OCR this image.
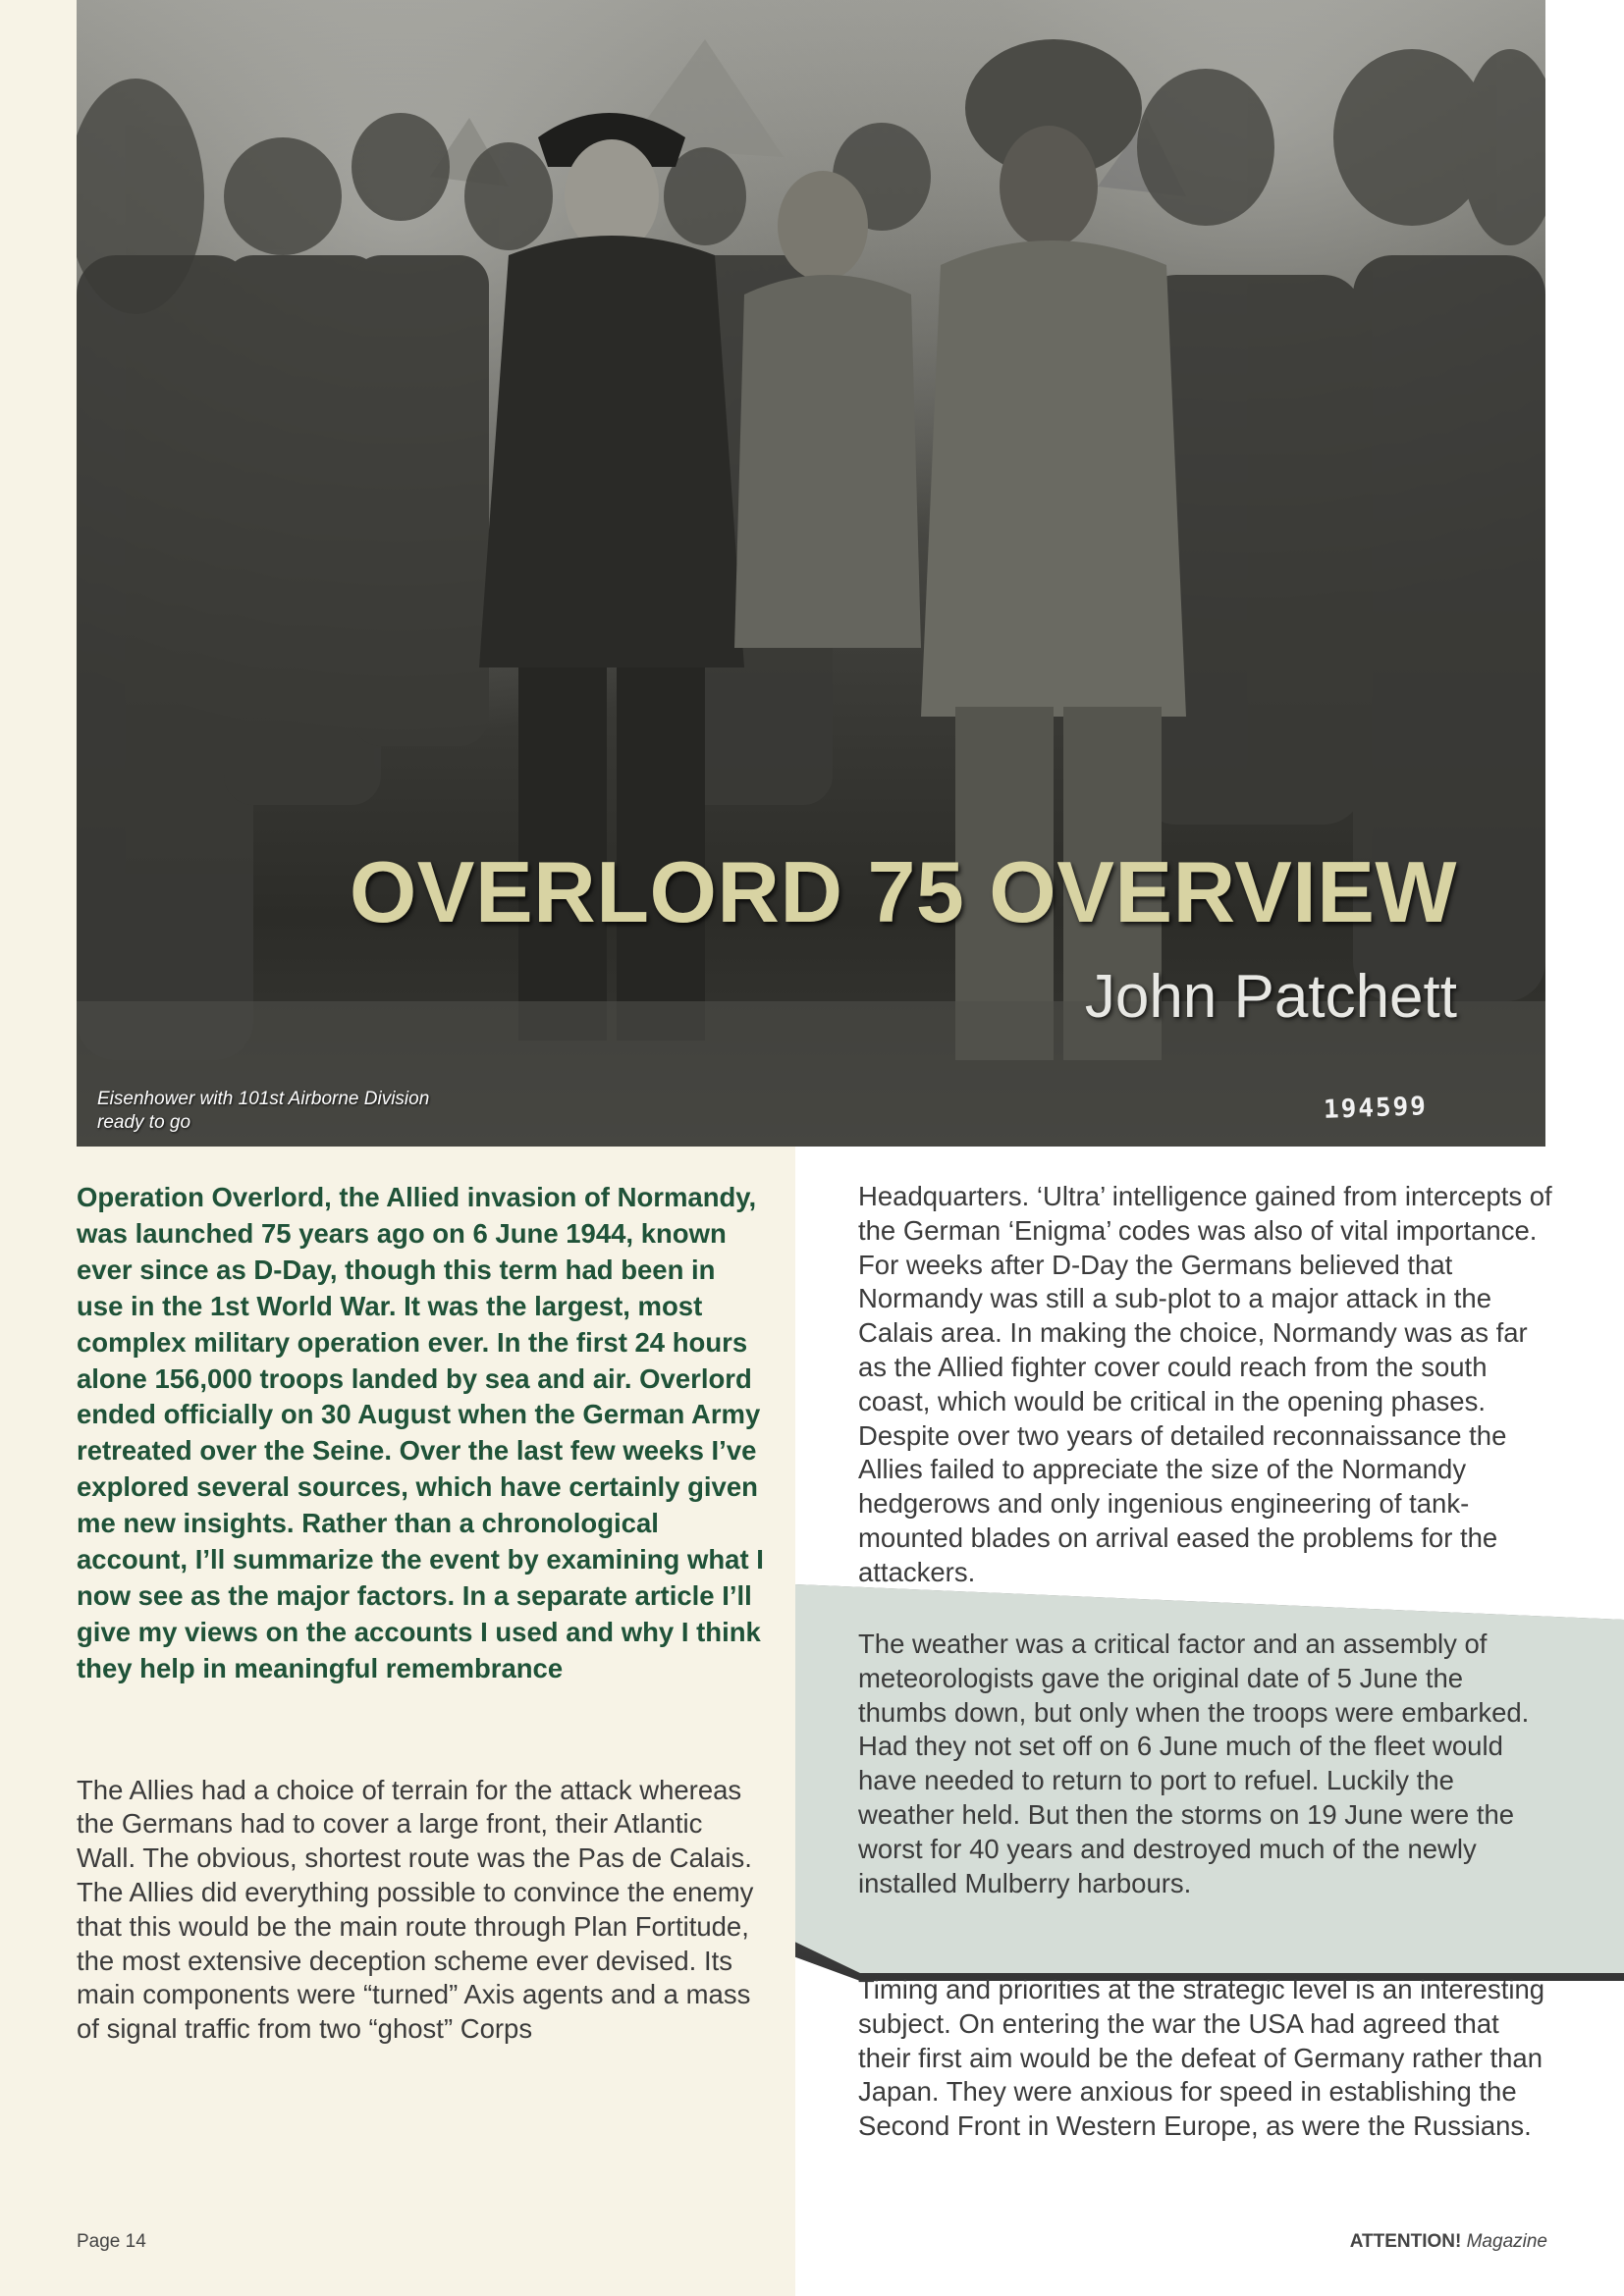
OVERLORD 75 OVERVIEW
John Patchett
Eisenhower with 101st Airborne Division ready to go	194599

Operation Overlord, the Allied invasion of Normandy, was launched 75 years ago on 6 June 1944, known ever since as D-Day, though this term had been in use in the 1st World War. It was the largest, most complex military operation ever. In the first 24 hours alone 156,000 troops landed by sea and air. Overlord ended officially on 30 August when the German Army retreated over the Seine. Over the last few weeks I’ve explored several sources, which have certainly given me new insights. Rather than a chronological account, I’ll summarize the event by examining what I now see as the major factors. In a separate article I’ll give my views on the accounts I used and why I think they help in meaningful remembrance

The Allies had a choice of terrain for the attack whereas the Germans had to cover a large front, their Atlantic Wall. The obvious, shortest route was the Pas de Calais. The Allies did everything possible to convince the enemy that this would be the main route through Plan Fortitude, the most extensive deception scheme ever devised. Its main components were “turned” Axis agents and a mass of signal traffic from two “ghost” Corps

Headquarters. ‘Ultra’ intelligence gained from intercepts of the German ‘Enigma’ codes was also of vital importance. For weeks after D-Day the Germans believed that Normandy was still a sub-plot to a major attack in the Calais area. In making the choice, Normandy was as far as the Allied fighter cover could reach from the south coast, which would be critical in the opening phases. Despite over two years of detailed reconnaissance the Allies failed to appreciate the size of the Normandy hedgerows and only ingenious engineering of tank-mounted blades on arrival eased the problems for the attackers.

The weather was a critical factor and an assembly of meteorologists gave the original date of 5 June the thumbs down, but only when the troops were embarked. Had they not set off on 6 June much of the fleet would have needed to return to port to refuel. Luckily the weather held. But then the storms on 19 June were the worst for 40 years and destroyed much of the newly installed Mulberry harbours.

Timing and priorities at the strategic level is an interesting subject. On entering the war the USA had agreed that their first aim would be the defeat of Germany rather than Japan. They were anxious for speed in establishing the Second Front in Western Europe, as were the Russians.

Page 14	ATTENTION! Magazine
